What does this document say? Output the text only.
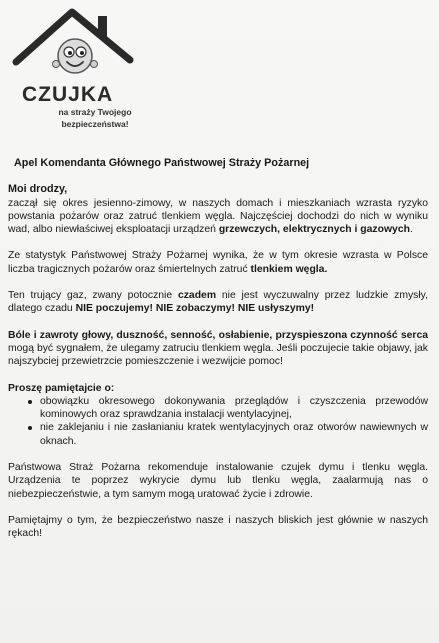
CZUJKA
na straży Twojego
bezpieczeństwa!
Apel Komendanta Głównego Państwowej Straży Pożarnej
Moi drodzy,

zaczął się okres jesienno-zimowy, w naszych domach i mieszkaniach wzrasta ryzyko powstania pożarów oraz zatruć tlenkiem węgla. Najczęściej dochodzi do nich w wyniku wad, albo niewłaściwej eksploatacji urządzeń grzewczych, elektrycznych i gazowych.

Ze statystyk Państwowej Straży Pożarnej wynika, że w tym okresie wzrasta w Polsce liczba tragicznych pożarów oraz śmiertelnych zatruć tlenkiem węgla.

Ten trujący gaz, zwany potocznie czadem nie jest wyczuwalny przez ludzkie zmysły, dlatego czadu NIE poczujemy! NIE zobaczymy! NIE usłyszymy!

Bóle i zawroty głowy, duszność, senność, osłabienie, przyspieszona czynność serca mogą być sygnałem, że ulegamy zatruciu tlenkiem węgla. Jeśli poczujecie takie objawy, jak najszybciej przewietrzcie pomieszczenie i wezwijcie pomoc!

Proszę pamiętajcie o:
obowiązku okresowego dokonywania przeglądów i czyszczenia przewodów kominowych oraz sprawdzania instalacji wentylacyjnej,
nie zaklejaniu i nie zasłanianiu kratek wentylacyjnych oraz otworów nawiewnych w oknach.

Państwowa Straż Pożarna rekomenduje instalowanie czujek dymu i tlenku węgla. Urządzenia te poprzez wykrycie dymu lub tlenku węgla, zaalarmują nas o niebezpieczeństwie, a tym samym mogą uratować życie i zdrowie.

Pamiętajmy o tym, że bezpieczeństwo nasze i naszych bliskich jest głównie w naszych rękach!
